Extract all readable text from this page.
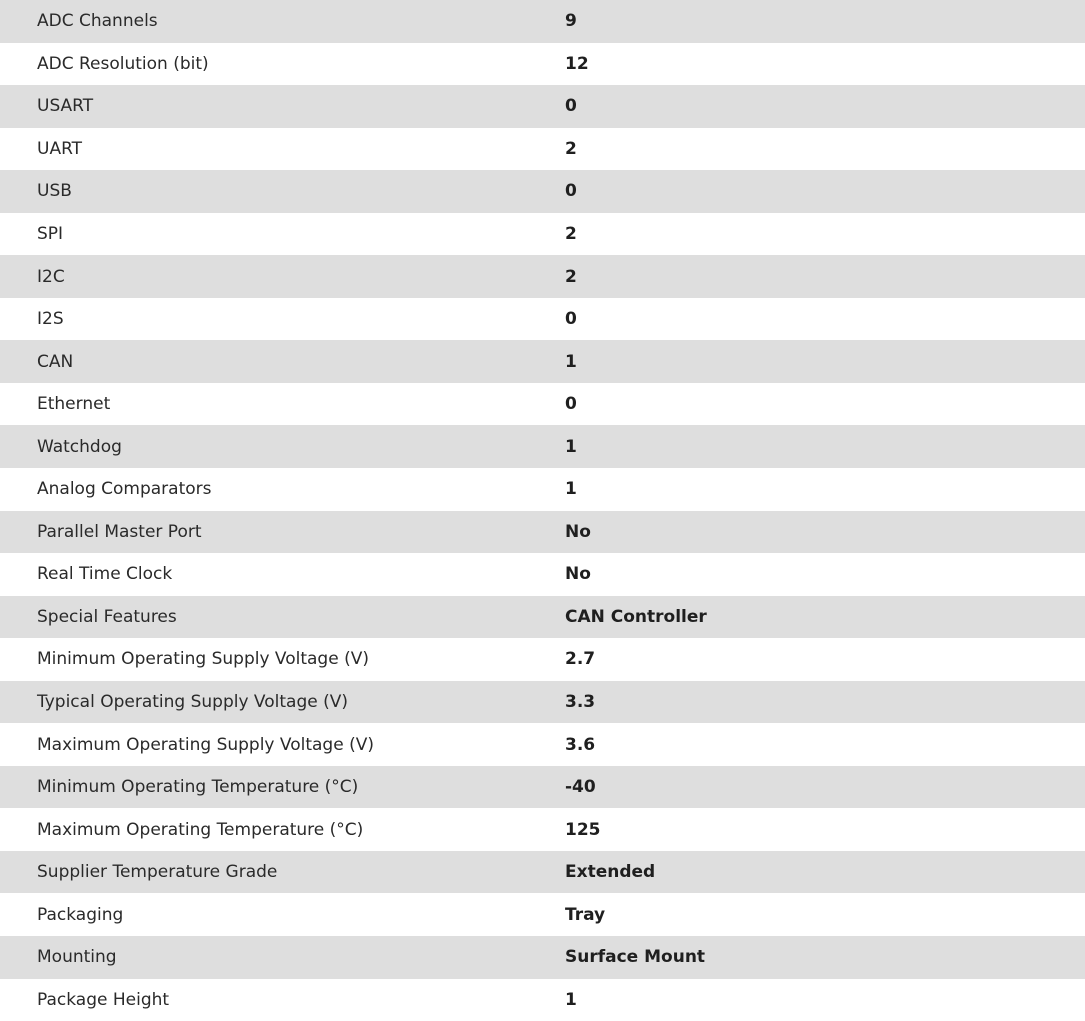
ADC Channels	9
ADC Resolution (bit)	12
USART	0
UART	2
USB	0
SPI	2
I2C	2
I2S	0
CAN	1
Ethernet	0
Watchdog	1
Analog Comparators	1
Parallel Master Port	No
Real Time Clock	No
Special Features	CAN Controller
Minimum Operating Supply Voltage (V)	2.7
Typical Operating Supply Voltage (V)	3.3
Maximum Operating Supply Voltage (V)	3.6
Minimum Operating Temperature (°C)	-40
Maximum Operating Temperature (°C)	125
Supplier Temperature Grade	Extended
Packaging	Tray
Mounting	Surface Mount
Package Height	1
